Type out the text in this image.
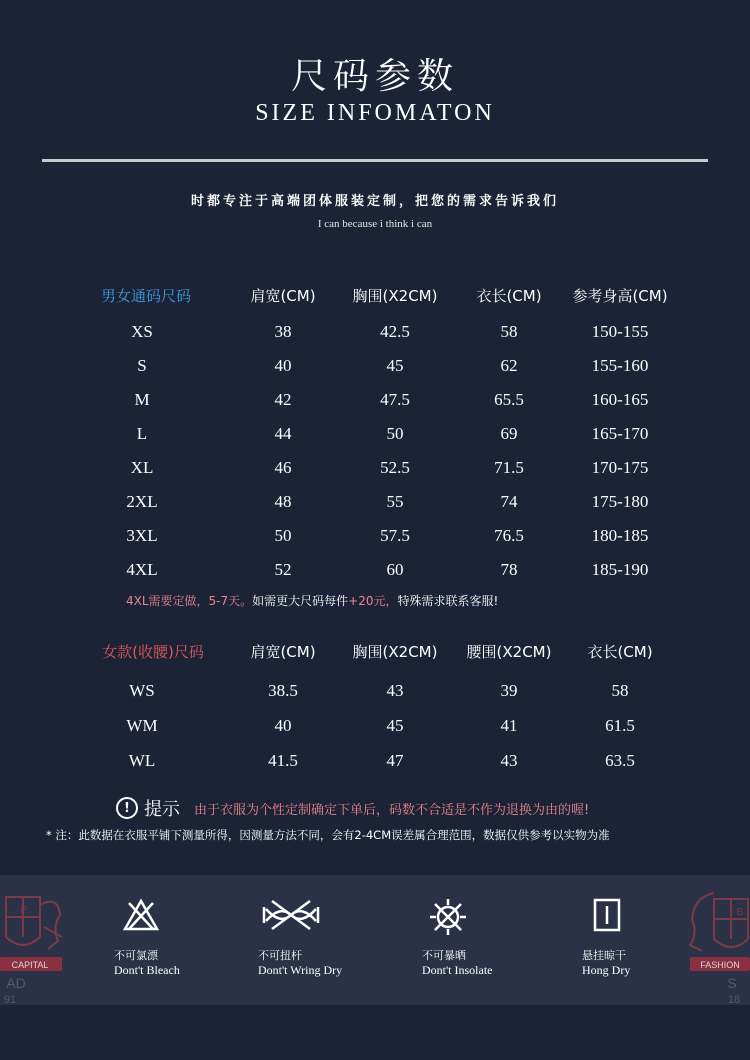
尺码参数
SIZE INFOMATON
时都专注于高端团体服装定制，把您的需求告诉我们
I can because i think i can
男女通码尺码	肩宽(CM) 胸围(X2CM)	衣长(CM) 参考身高(CM)
XS	38	42.5	58	150-155
S	40	45	62	155-160
M	42	47.5	65.5	160-165
L	44	50	69	165-170
XL	46	52.5	71.5	170-175
2XL	48	55	74	175-180
3XL	50	57.5	76.5	180-185
4XL	52	60	78	185-190
4XL需要定做，5-7天。如需更大尺码每件+20元，特殊需求联系客服!
女款(收腰)尺码	肩宽(CM) 胸围(X2CM) 腰围(X2CM) 衣长(CM)
WS	38.5	43	39	58
WM	40	45	41	61.5
WL	41.5	47	43	63.5
! 提示 由于衣服为个性定制确定下单后，码数不合适是不作为退换为由的喔!
* 注：此数据在衣服平铺下测量所得，因测量方法不同，会有2-4CM误差属合理范围，数据仅供参考以实物为准
P
CAPITAL
AD
91
不可氯漂
Dont't Bleach
不可扭杆
Dont't Wring Dry
不可暴晒
Dont't Insolate
悬挂晾干
Hong Dry
B
FASHION
S
18
